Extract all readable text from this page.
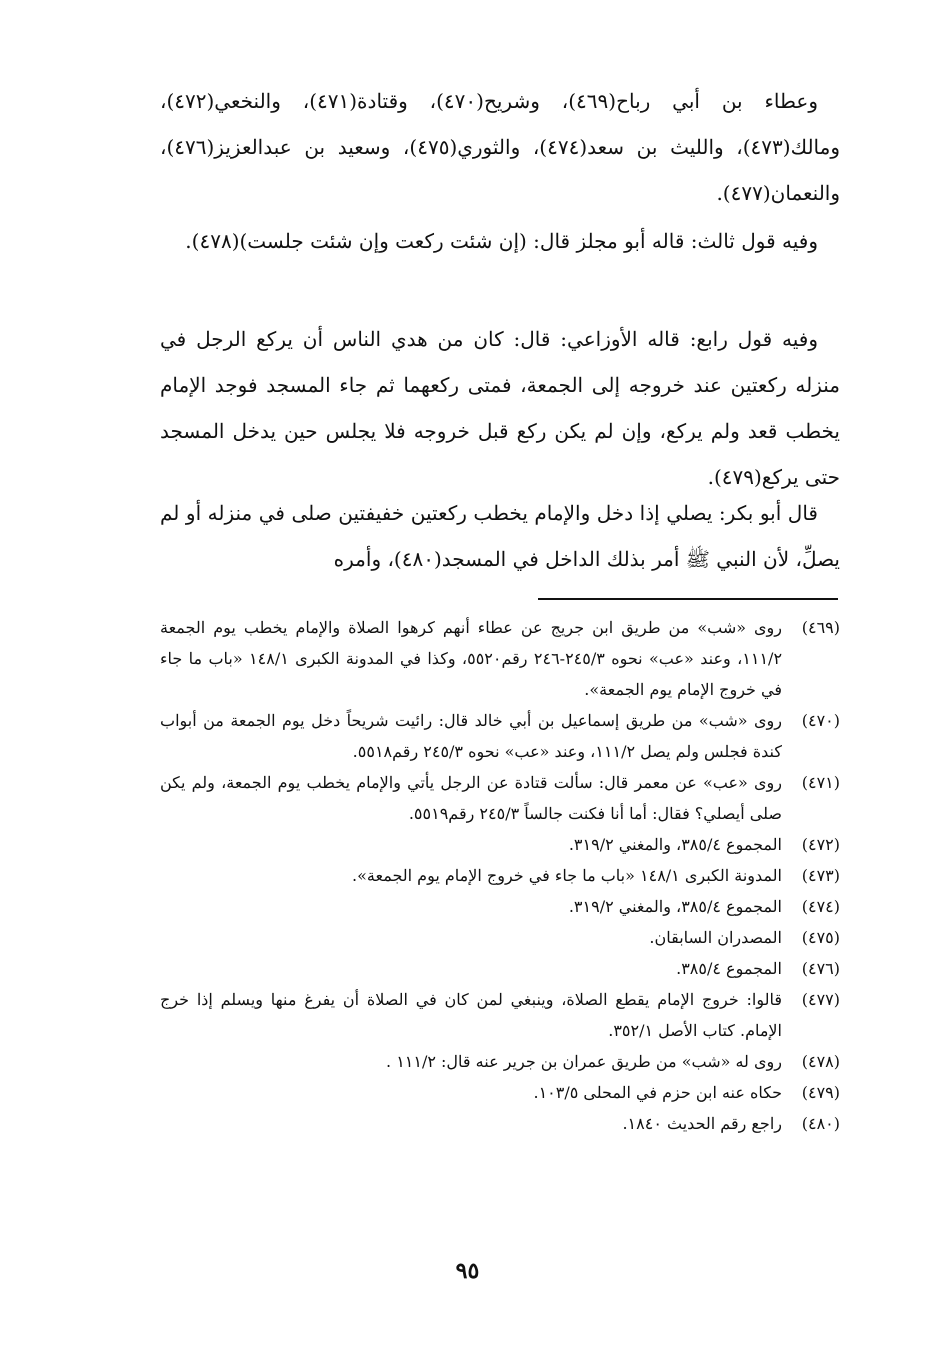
وعطاء بن أبي رباح(٤٦٩)، وشريح(٤٧٠)، وقتادة(٤٧١)، والنخعي(٤٧٢)، ومالك(٤٧٣)، والليث بن سعد(٤٧٤)، والثوري(٤٧٥)، وسعيد بن عبدالعزيز(٤٧٦)، والنعمان(٤٧٧).

وفيه قول ثالث: قاله أبو مجلز قال: (إن شئت ركعت وإن شئت جلست)(٤٧٨).

وفيه قول رابع: قاله الأوزاعي: قال: كان من هدي الناس أن يركع الرجل في منزله ركعتين عند خروجه إلى الجمعة، فمتى ركعهما ثم جاء المسجد فوجد الإمام يخطب قعد ولم يركع، وإن لم يكن ركع قبل خروجه فلا يجلس حين يدخل المسجد حتى يركع(٤٧٩).

قال أبو بكر: يصلي إذا دخل والإمام يخطب ركعتين خفيفتين صلى في منزله أو لم يصلِّ، لأن النبي ﷺ أمر بذلك الداخل في المسجد(٤٨٠)، وأمره

(٤٦٩)
روى «شب» من طريق ابن جريج عن عطاء أنهم كرهوا الصلاة والإمام يخطب يوم الجمعة ١١١/٢، وعند «عب» نحوه ٢٤٥/٣-٢٤٦ رقم٥٥٢٠، وكذا في المدونة الكبرى ١٤٨/١ «باب ما جاء في خروج الإمام يوم الجمعة».
(٤٧٠)
روى «شب» من طريق إسماعيل بن أبي خالد قال: رائيت شريحاً دخل يوم الجمعة من أبواب كندة فجلس ولم يصل ١١١/٢، وعند «عب» نحوه ٢٤٥/٣ رقم٥٥١٨.
(٤٧١)
روى «عب» عن معمر قال: سألت قتادة عن الرجل يأتي والإمام يخطب يوم الجمعة، ولم يكن صلى أيصلي؟ فقال: أما أنا فكنت جالساً ٢٤٥/٣ رقم٥٥١٩.
(٤٧٢)
المجموع ٣٨٥/٤، والمغني ٣١٩/٢.
(٤٧٣)
المدونة الكبرى ١٤٨/١ «باب ما جاء في خروج الإمام يوم الجمعة».
(٤٧٤)
المجموع ٣٨٥/٤، والمغني ٣١٩/٢.
(٤٧٥)
المصدران السابقان.
(٤٧٦)
المجموع ٣٨٥/٤.
(٤٧٧)
قالوا: خروج الإمام يقطع الصلاة، وينبغي لمن كان في الصلاة أن يفرغ منها ويسلم إذا خرج الإمام. كتاب الأصل ٣٥٢/١.
(٤٧٨)
روى له «شب» من طريق عمران بن جرير عنه قال: ١١١/٢ .
(٤٧٩)
حكاه عنه ابن حزم في المحلى ١٠٣/٥.
(٤٨٠)
راجع رقم الحديث ١٨٤٠.
٩٥
